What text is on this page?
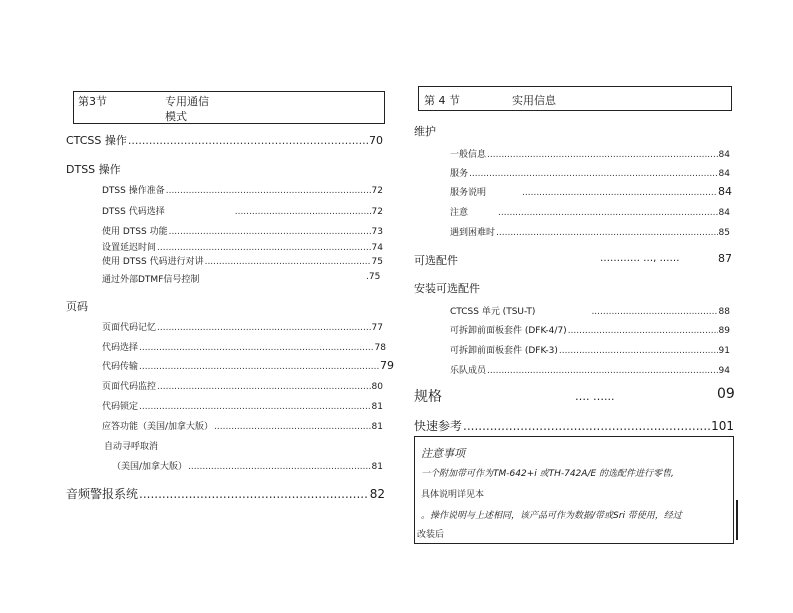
第3节	专用通信
模式
CTCSS 操作 .....	70
DTSS 操作
DTSS 操作准备 .....	72
DTSS 代码选择 .....	72
使用 DTSS 功能 .....	73
设置延迟时间 .....	74
使用 DTSS 代码进行对讲 .....	75
通过外部DTMF信号控制	.75
页码
页面代码记忆 .....	77
代码选择 .....	78
代码传输 .....	79
页面代码监控 .....	80
代码锁定 .....	81
应答功能（美国/加拿大版） .....	81
自动寻呼取消
（美国/加拿大版） .....	81
音频警报系统 .....	82
第 4 节	实用信息
维护
一般信息 .....	84
服务 .....	84
服务说明 .....	84
注意 .....	84
遇到困难时 .....	85
可选配件	………… …, ……	87
安装可选配件
CTCSS 单元 (TSU-T) .....	88
可拆卸前面板套件 (DFK-4/7) .....	89
可拆卸前面板套件 (DFK-3) .....	91
乐队成员 .....	94
规格	…. …...	09
快速参考 .....	101
注意事项
一个附加带可作为TM-642+i 或TH-742A/E 的选配件进行零售,
具体说明详见本
。操作说明与上述相同，该产品可作为数据/带或Sri 带使用，经过
改装后
